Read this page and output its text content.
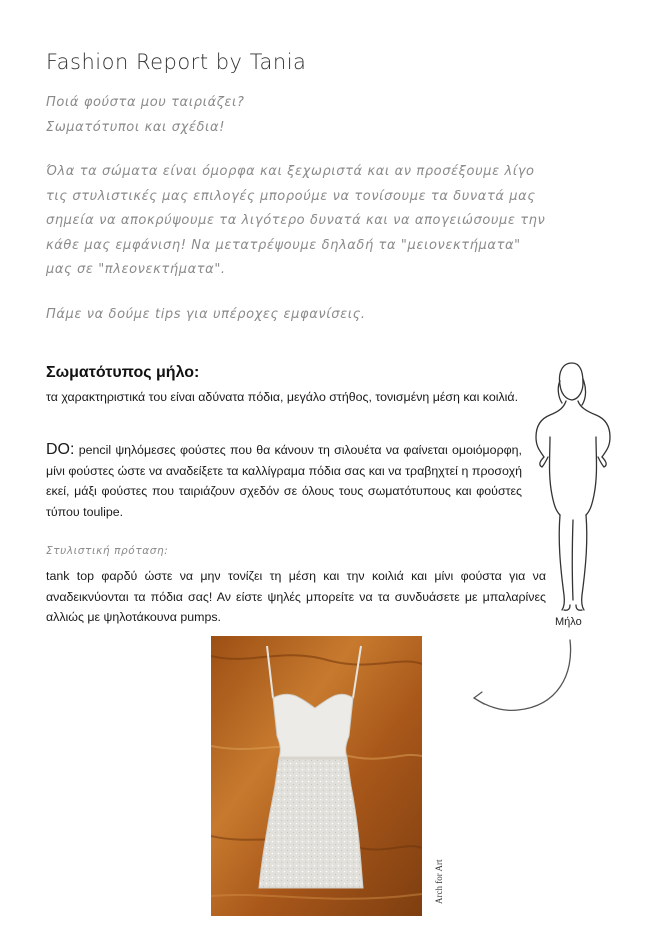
Fashion Report by Tania
Ποιά φούστα μου ταιριάζει?
Σωματότυποι και σχέδια!
Όλα τα σώματα είναι όμορφα και ξεχωριστά και αν προσέξουμε λίγο
τις στυλιστικές μας επιλογές μπορούμε να τονίσουμε τα δυνατά μας
σημεία να αποκρύψουμε τα λιγότερο δυνατά και να απογειώσουμε την
κάθε μας εμφάνιση! Να μετατρέψουμε δηλαδή τα "μειονεκτήματα"
μας σε "πλεονεκτήματα".
Πάμε να δούμε tips για υπέροχες εμφανίσεις.
Σωματότυπος μήλο:
τα χαρακτηριστικά του είναι αδύνατα πόδια, μεγάλο στήθος, τονισμένη μέση και κοιλιά.
DO: pencil ψηλόμεσες φούστες που θα κάνουν τη σιλουέτα να φαίνεται ομοιόμορφη, μίνι φούστες ώστε να αναδείξετε τα καλλίγραμα πόδια σας και να τραβηχτεί η προσοχή εκεί, μάξι φούστες που ταιριάζουν σχεδόν σε όλους τους σωματότυπους και φούστες τύπου toulipe.
Στυλιστική πρόταση:
tank top φαρδύ ώστε να μην τονίζει τη μέση και την κοιλιά και μίνι φούστα για να αναδεικνύονται τα πόδια σας! Αν είστε ψηλές μπορείτε να τα συνδυάσετε με μπαλαρίνες αλλιώς με ψηλοτάκουνα pumps.	Μήλο
Arch for Art
